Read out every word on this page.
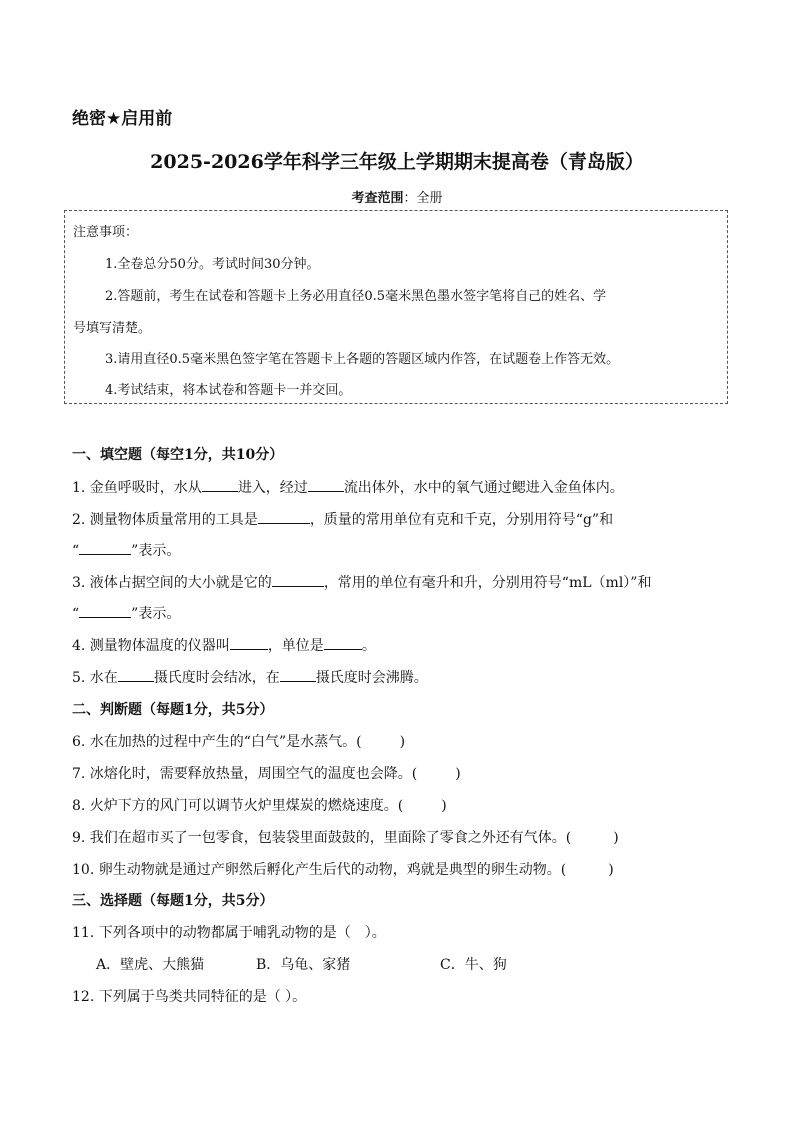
绝密★启用前
2025-2026学年科学三年级上学期期末提高卷（青岛版）
考查范围：全册
注意事项：
1.全卷总分50分。考试时间30分钟。
2.答题前，考生在试卷和答题卡上务必用直径0.5毫米黑色墨水签字笔将自己的姓名、学
号填写清楚。
3.请用直径0.5毫米黑色签字笔在答题卡上各题的答题区域内作答，在试题卷上作答无效。
4.考试结束，将本试卷和答题卡一并交回。
一、填空题（每空1分，共10分）
1. 金鱼呼吸时，水从	进入，经过	流出体外，水中的氧气通过鳃进入金鱼体内。
2. 测量物体质量常用的工具是	，质量的常用单位有克和千克，分别用符号“g”和
“	”表示。
3. 液体占据空间的大小就是它的	，常用的单位有毫升和升，分别用符号“mL（ml）”和
“	”表示。
4. 测量物体温度的仪器叫	，单位是	。
5. 水在	摄氏度时会结冰，在	摄氏度时会沸腾。
二、判断题（每题1分，共5分）
6. 水在加热的过程中产生的“白气”是水蒸气。(	)
7. 冰熔化时，需要释放热量，周围空气的温度也会降。(	)
8. 火炉下方的风门可以调节火炉里煤炭的燃烧速度。(	)
9. 我们在超市买了一包零食，包装袋里面鼓鼓的，里面除了零食之外还有气体。(	)
10. 卵生动物就是通过产卵然后孵化产生后代的动物，鸡就是典型的卵生动物。(	)
三、选择题（每题1分，共5分）
11. 下列各项中的动物都属于哺乳动物的是（　）。
A．壁虎、大熊猫	B．乌龟、家猪	C．牛、狗
12. 下列属于鸟类共同特征的是（ ）。
